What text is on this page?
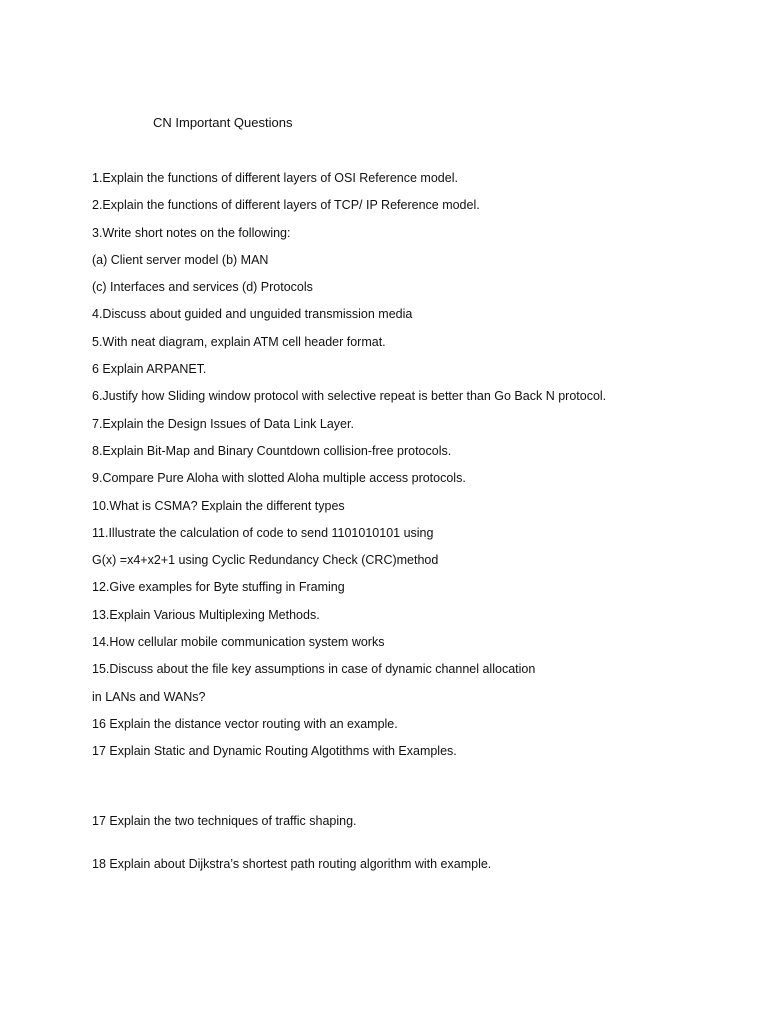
CN Important Questions
1.Explain the functions of different layers of OSI Reference model.
2.Explain the functions of different layers of TCP/ IP Reference model.
3.Write short notes on the following:
(a) Client server model (b) MAN
(c) Interfaces and services (d) Protocols
4.Discuss about guided and unguided transmission media
5.With neat diagram, explain ATM cell header format.
6 Explain ARPANET.
6.Justify how Sliding window protocol with selective repeat is better than Go Back N protocol.
7.Explain the Design Issues of Data Link Layer.
8.Explain Bit-Map and Binary Countdown collision-free protocols.
9.Compare Pure Aloha with slotted Aloha multiple access protocols.
10.What is CSMA? Explain the different types
11.Illustrate the calculation of code to send 1101010101 using
G(x) =x4+x2+1 using Cyclic Redundancy Check (CRC)method
12.Give examples for Byte stuffing in Framing
13.Explain Various Multiplexing Methods.
14.How cellular mobile communication system works
15.Discuss about the file key assumptions in case of dynamic channel allocation
in LANs and WANs?
16 Explain the distance vector routing with an example.
17 Explain Static and Dynamic Routing Algotithms with Examples.
17 Explain the two techniques of traffic shaping.
18 Explain about Dijkstra’s shortest path routing algorithm with example.
